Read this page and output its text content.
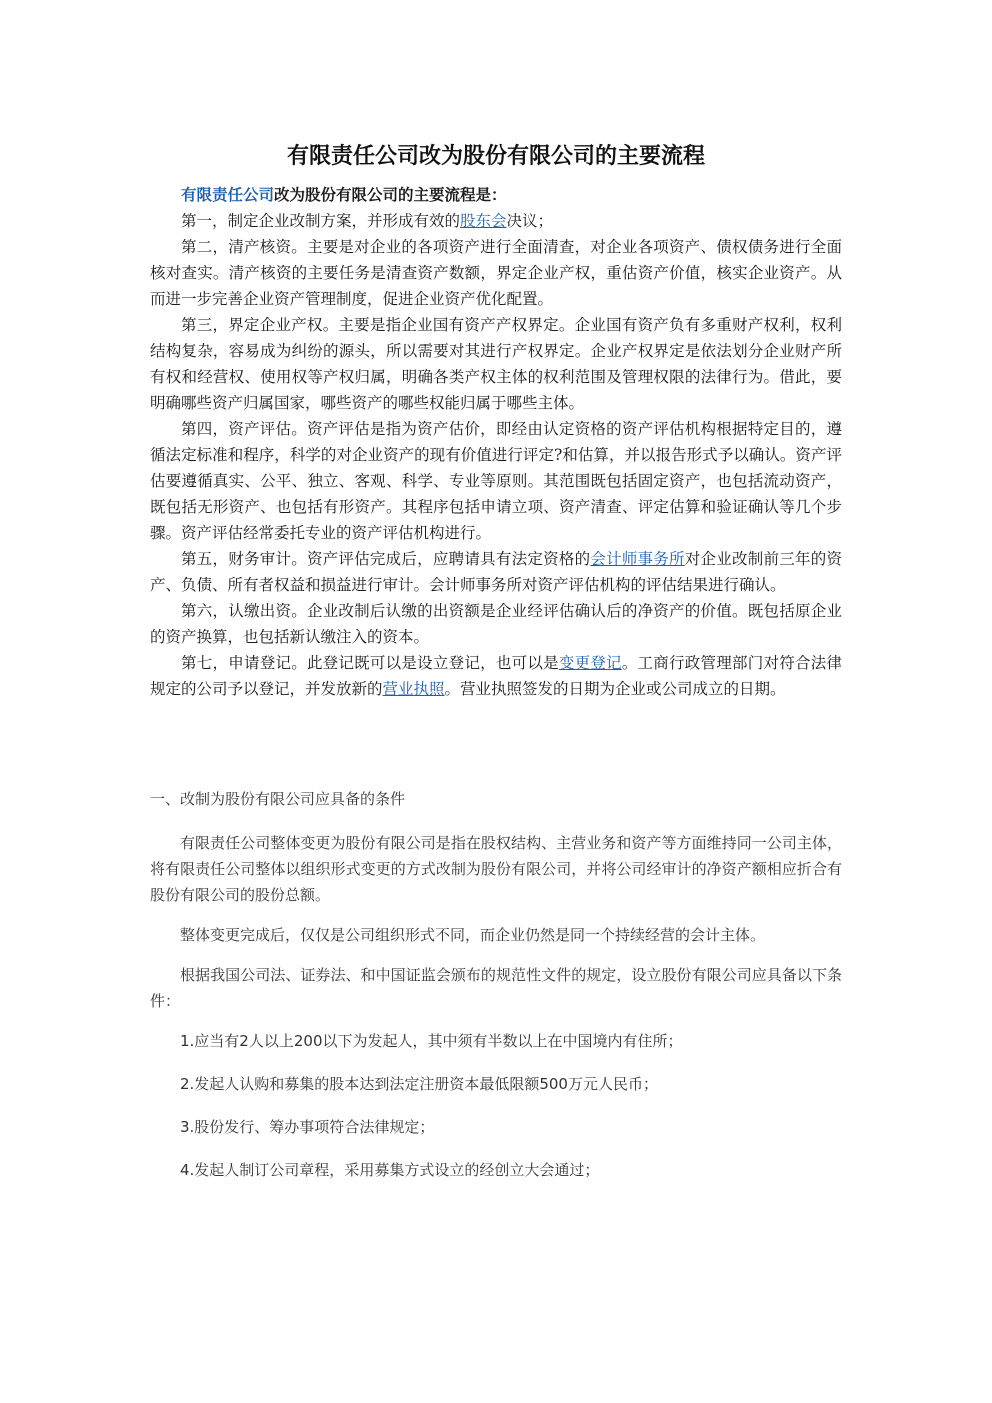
有限责任公司改为股份有限公司的主要流程

有限责任公司改为股份有限公司的主要流程是：

第一，制定企业改制方案，并形成有效的股东会决议；

第二，清产核资。主要是对企业的各项资产进行全面清查，对企业各项资产、债权债务进行全面核对查实。清产核资的主要任务是清查资产数额，界定企业产权，重估资产价值，核实企业资产。从而进一步完善企业资产管理制度，促进企业资产优化配置。

第三，界定企业产权。主要是指企业国有资产产权界定。企业国有资产负有多重财产权利，权利结构复杂，容易成为纠纷的源头，所以需要对其进行产权界定。企业产权界定是依法划分企业财产所有权和经营权、使用权等产权归属，明确各类产权主体的权利范围及管理权限的法律行为。借此，要明确哪些资产归属国家，哪些资产的哪些权能归属于哪些主体。

第四，资产评估。资产评估是指为资产估价，即经由认定资格的资产评估机构根据特定目的，遵循法定标准和程序，科学的对企业资产的现有价值进行评定?和估算，并以报告形式予以确认。资产评估要遵循真实、公平、独立、客观、科学、专业等原则。其范围既包括固定资产，也包括流动资产，既包括无形资产、也包括有形资产。其程序包括申请立项、资产清查、评定估算和验证确认等几个步骤。资产评估经常委托专业的资产评估机构进行。

第五，财务审计。资产评估完成后，应聘请具有法定资格的会计师事务所对企业改制前三年的资产、负债、所有者权益和损益进行审计。会计师事务所对资产评估机构的评估结果进行确认。

第六，认缴出资。企业改制后认缴的出资额是企业经评估确认后的净资产的价值。既包括原企业的资产换算，也包括新认缴注入的资本。

第七，申请登记。此登记既可以是设立登记，也可以是变更登记。工商行政管理部门对符合法律规定的公司予以登记，并发放新的营业执照。营业执照签发的日期为企业或公司成立的日期。

一、改制为股份有限公司应具备的条件

有限责任公司整体变更为股份有限公司是指在股权结构、主营业务和资产等方面维持同一公司主体，将有限责任公司整体以组织形式变更的方式改制为股份有限公司，并将公司经审计的净资产额相应折合有股份有限公司的股份总额。

整体变更完成后，仅仅是公司组织形式不同，而企业仍然是同一个持续经营的会计主体。

根据我国公司法、证券法、和中国证监会颁布的规范性文件的规定，设立股份有限公司应具备以下条件：

1.应当有2人以上200以下为发起人，其中须有半数以上在中国境内有住所；
2.发起人认购和募集的股本达到法定注册资本最低限额500万元人民币；
3.股份发行、筹办事项符合法律规定；
4.发起人制订公司章程，采用募集方式设立的经创立大会通过；
